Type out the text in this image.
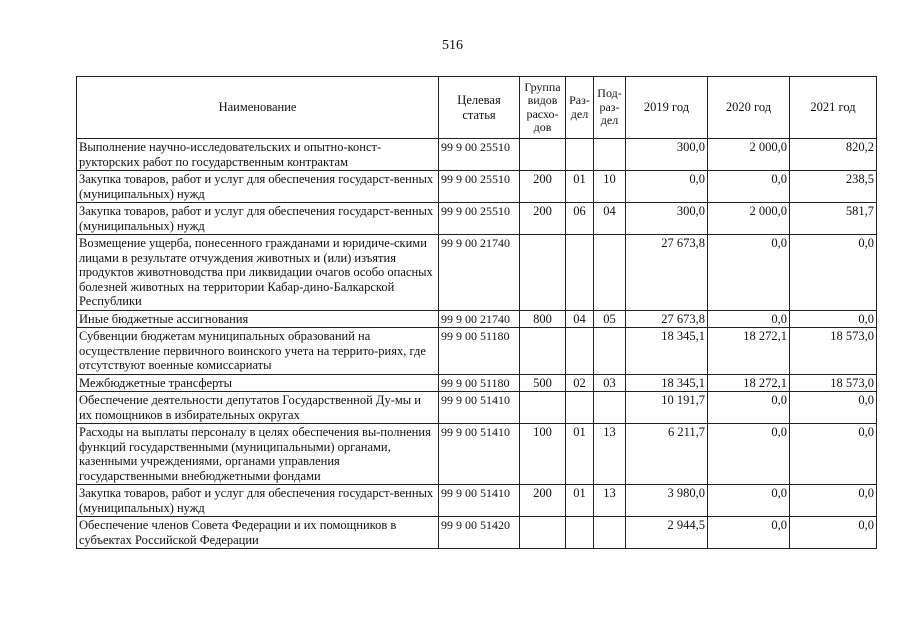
516
Наименование	Целевая статья	Группа видов расхо-дов	Раз-дел	Под-раз-дел	2019 год	2020 год	2021 год
Выполнение научно-исследовательских и опытно-конст-рукторских работ по государственным контрактам	99 9 00 25510				300,0	2 000,0	820,2
Закупка товаров, работ и услуг для обеспечения государст-венных (муниципальных) нужд	99 9 00 25510	200	01	10	0,0	0,0	238,5
Закупка товаров, работ и услуг для обеспечения государст-венных (муниципальных) нужд	99 9 00 25510	200	06	04	300,0	2 000,0	581,7
Возмещение ущерба, понесенного гражданами и юридиче-скими лицами в результате отчуждения животных и (или) изъятия продуктов животноводства при ликвидации очагов особо опасных болезней животных на территории Кабар-дино-Балкарской Республики	99 9 00 21740				27 673,8	0,0	0,0
Иные бюджетные ассигнования	99 9 00 21740	800	04	05	27 673,8	0,0	0,0
Субвенции бюджетам муниципальных образований на осуществление первичного воинского учета на террито-риях, где отсутствуют военные комиссариаты	99 9 00 51180				18 345,1	18 272,1	18 573,0
Межбюджетные трансферты	99 9 00 51180	500	02	03	18 345,1	18 272,1	18 573,0
Обеспечение деятельности депутатов Государственной Ду-мы и их помощников в избирательных округах	99 9 00 51410				10 191,7	0,0	0,0
Расходы на выплаты персоналу в целях обеспечения вы-полнения функций государственными (муниципальными) органами, казенными учреждениями, органами управления государственными внебюджетными фондами	99 9 00 51410	100	01	13	6 211,7	0,0	0,0
Закупка товаров, работ и услуг для обеспечения государст-венных (муниципальных) нужд	99 9 00 51410	200	01	13	3 980,0	0,0	0,0
Обеспечение членов Совета Федерации и их помощников в субъектах Российской Федерации	99 9 00 51420				2 944,5	0,0	0,0
